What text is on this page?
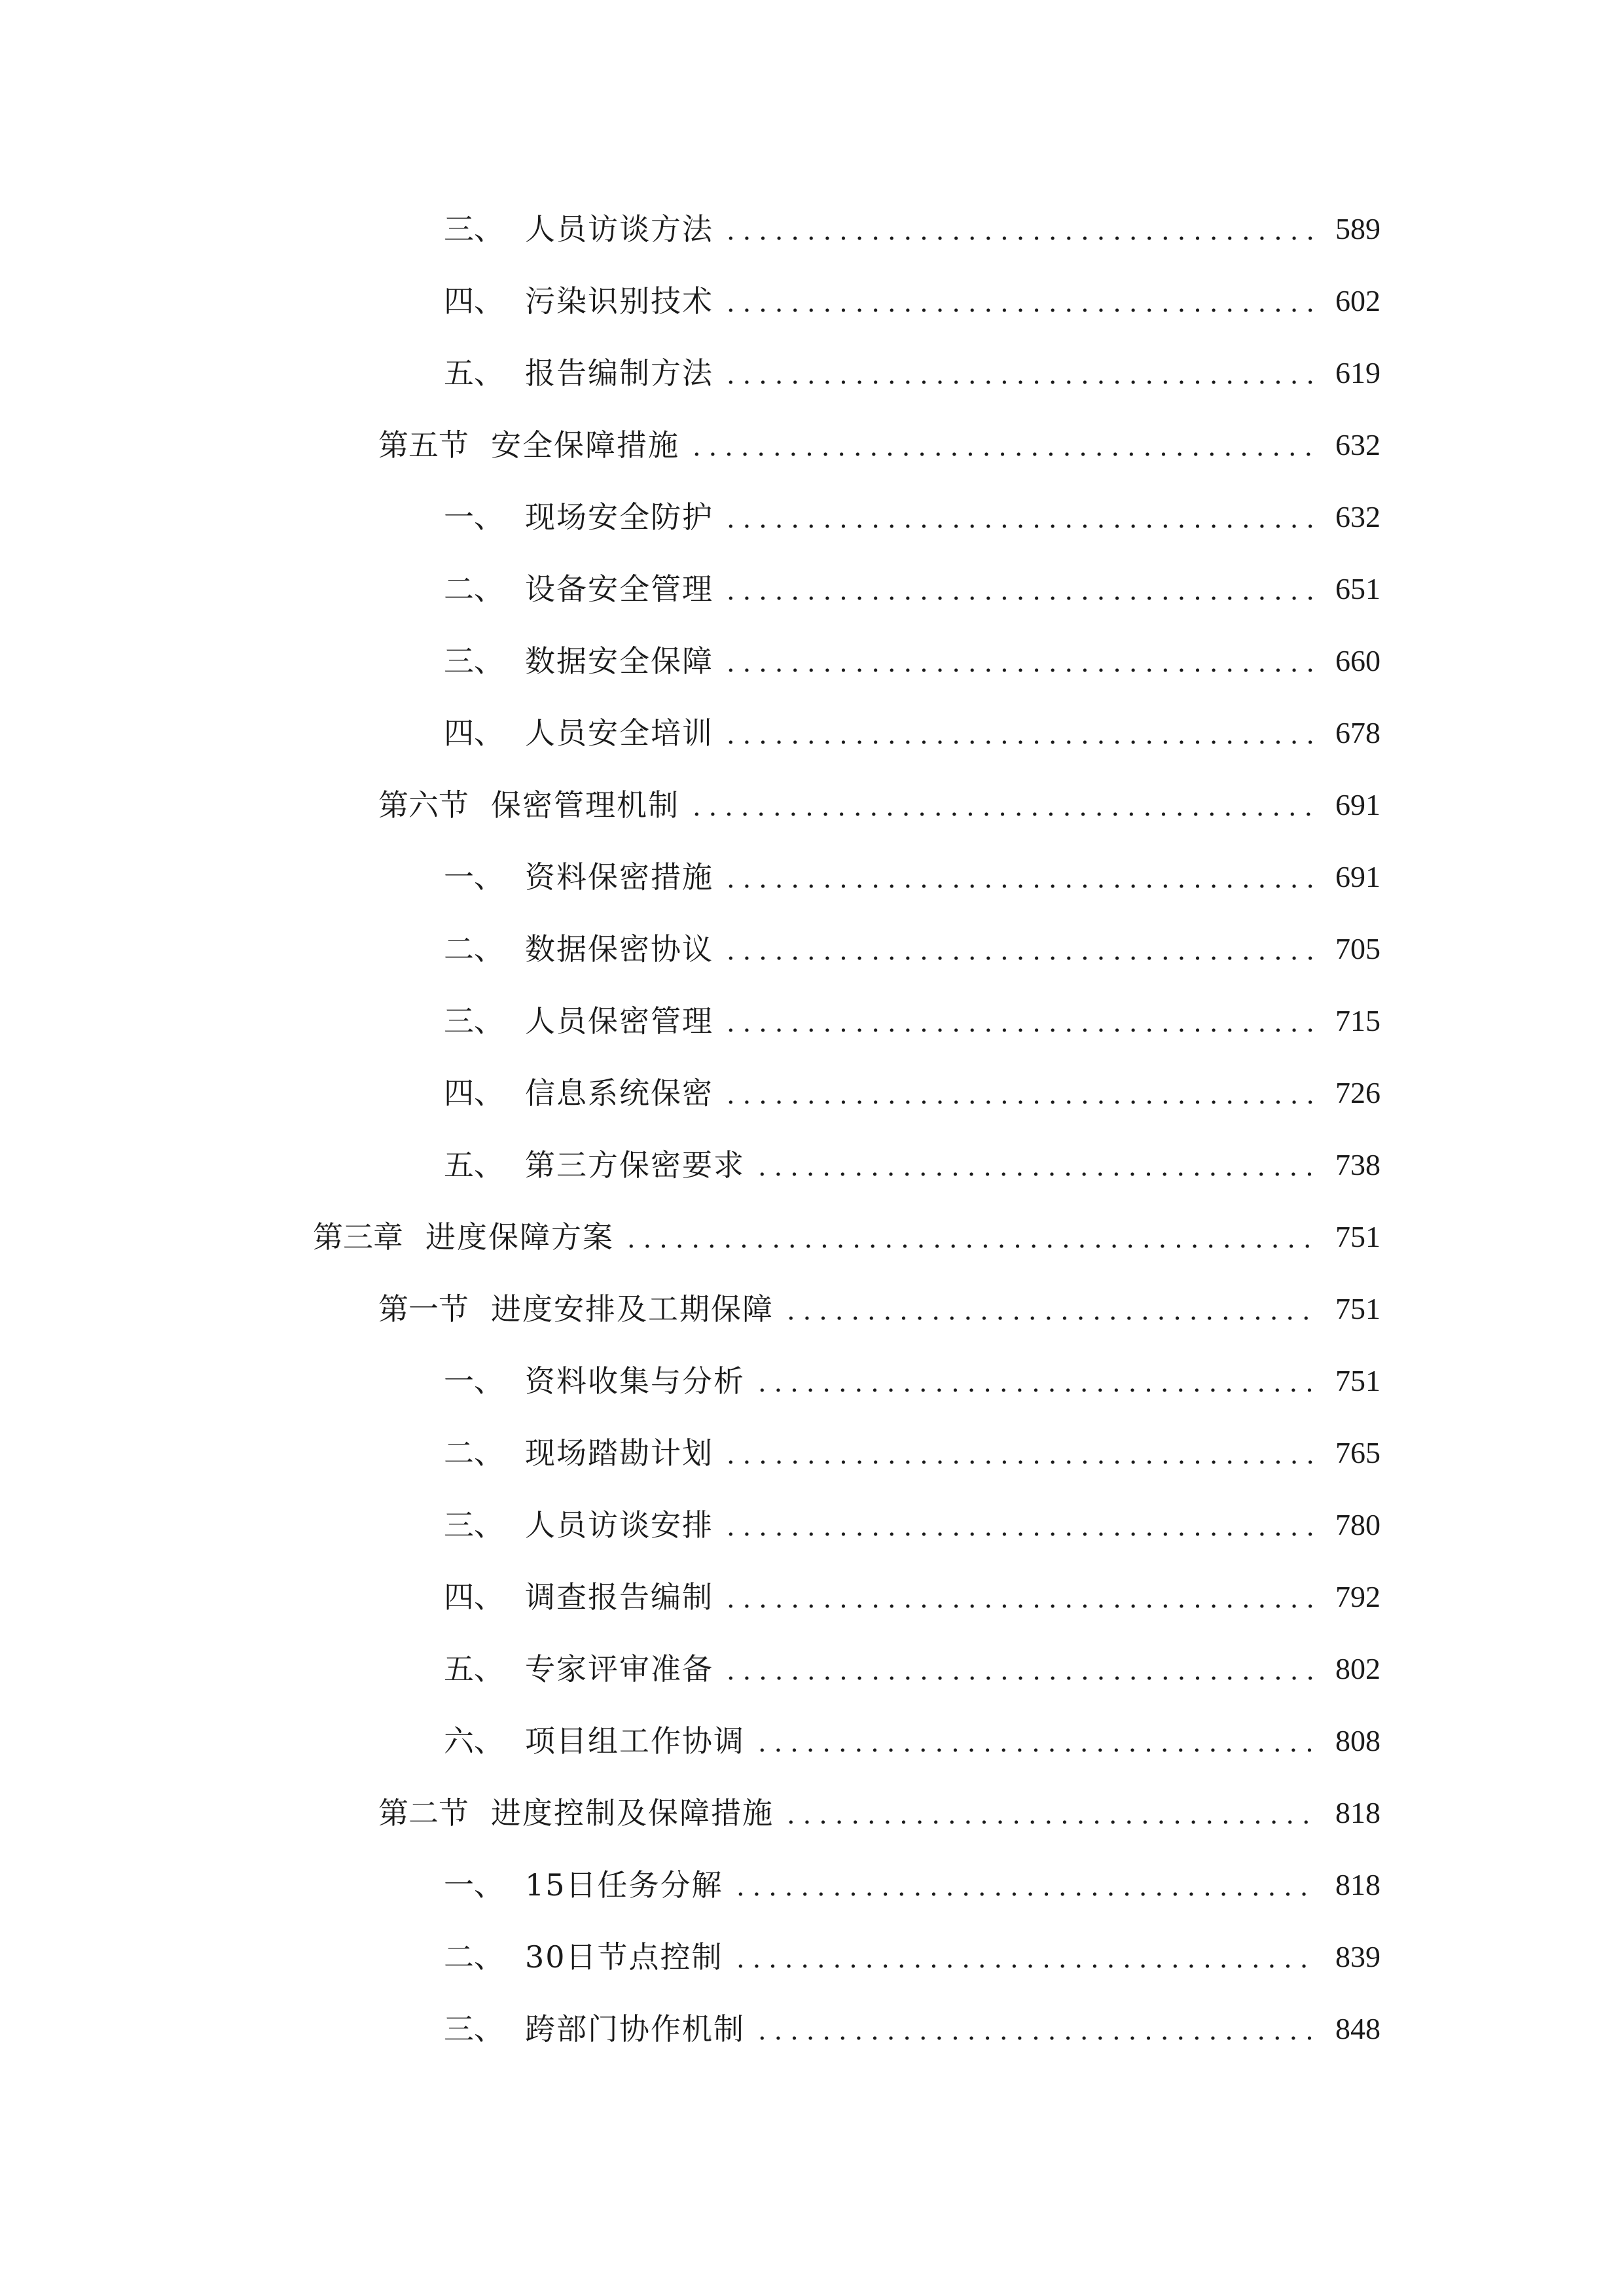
三、 人员访谈方法	589
四、 污染识别技术	602
五、 报告编制方法	619
第五节 安全保障措施	632
一、 现场安全防护	632
二、 设备安全管理	651
三、 数据安全保障	660
四、 人员安全培训	678
第六节 保密管理机制	691
一、 资料保密措施	691
二、 数据保密协议	705
三、 人员保密管理	715
四、 信息系统保密	726
五、 第三方保密要求	738
第三章 进度保障方案	751
第一节 进度安排及工期保障	751
一、 资料收集与分析	751
二、 现场踏勘计划	765
三、 人员访谈安排	780
四、 调查报告编制	792
五、 专家评审准备	802
六、 项目组工作协调	808
第二节 进度控制及保障措施	818
一、 15日任务分解	818
二、 30日节点控制	839
三、 跨部门协作机制	848
